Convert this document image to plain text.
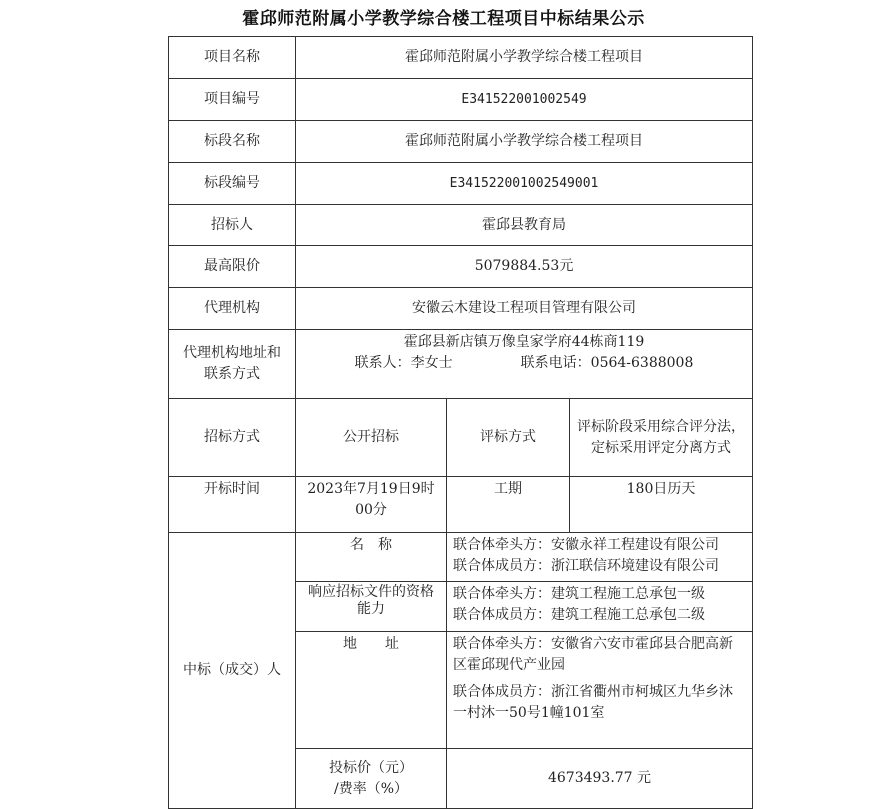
霍邱师范附属小学教学综合楼工程项目中标结果公示
项目名称	霍邱师范附属小学教学综合楼工程项目		
项目编号	E341522001002549		
标段名称	霍邱师范附属小学教学综合楼工程项目		
标段编号	E341522001002549001		
招标人	霍邱县教育局		
最高限价	5079884.53元		
代理机构	安徽云木建设工程项目管理有限公司		

代理机构地址和
联系方式	霍邱县新店镇万像皇家学府44栋商119
联系人：李女士 联系电话：0564-6388008		

招标方式	公开招标	评标方式	评标阶段采用综合评分法，定标采用评定分离方式
开标时间	2023年7月19日9时00分	工期	180日历天
中标（成交）人	名　称	联合体牵头方：安徽永祥工程建设有限公司
联合体成员方：浙江联信环境建设有限公司	

	响应招标文件的资格能力	联合体牵头方：建筑工程施工总承包一级
联合体成员方：建筑工程施工总承包二级	

	地　　址	联合体牵头方：安徽省六安市霍邱县合肥高新区霍邱现代产业园
联合体成员方：浙江省衢州市柯城区九华乡沐一村沐一50号1幢101室	

	投标价（元）
/费率（%）	4673493.77 元	
